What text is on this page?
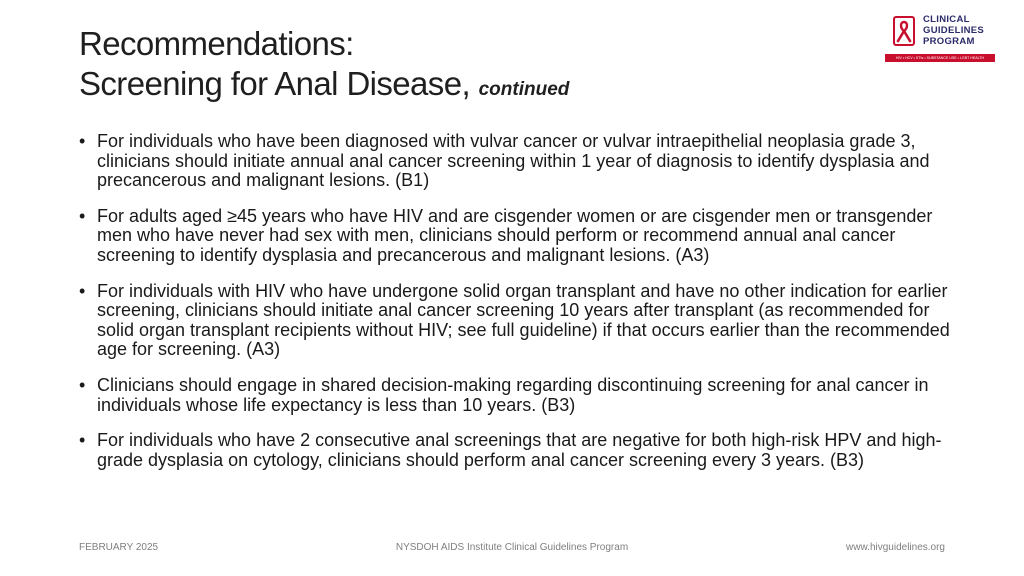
Recommendations:
Screening for Anal Disease, continued
CLINICAL
GUIDELINES
PROGRAM
HIV • HCV • STIs • SUBSTANCE USE • LGBT HEALTH
• For individuals who have been diagnosed with vulvar cancer or vulvar intraepithelial neoplasia grade 3, clinicians should initiate annual anal cancer screening within 1 year of diagnosis to identify dysplasia and precancerous and malignant lesions. (B1)
• For adults aged ≥45 years who have HIV and are cisgender women or are cisgender men or transgender men who have never had sex with men, clinicians should perform or recommend annual anal cancer screening to identify dysplasia and precancerous and malignant lesions. (A3)
• For individuals with HIV who have undergone solid organ transplant and have no other indication for earlier screening, clinicians should initiate anal cancer screening 10 years after transplant (as recommended for solid organ transplant recipients without HIV; see full guideline) if that occurs earlier than the recommended age for screening. (A3)
• Clinicians should engage in shared decision-making regarding discontinuing screening for anal cancer in individuals whose life expectancy is less than 10 years. (B3)
• For individuals who have 2 consecutive anal screenings that are negative for both high-risk HPV and high-grade dysplasia on cytology, clinicians should perform anal cancer screening every 3 years. (B3)
FEBRUARY 2025	NYSDOH AIDS Institute Clinical Guidelines Program	www.hivguidelines.org
